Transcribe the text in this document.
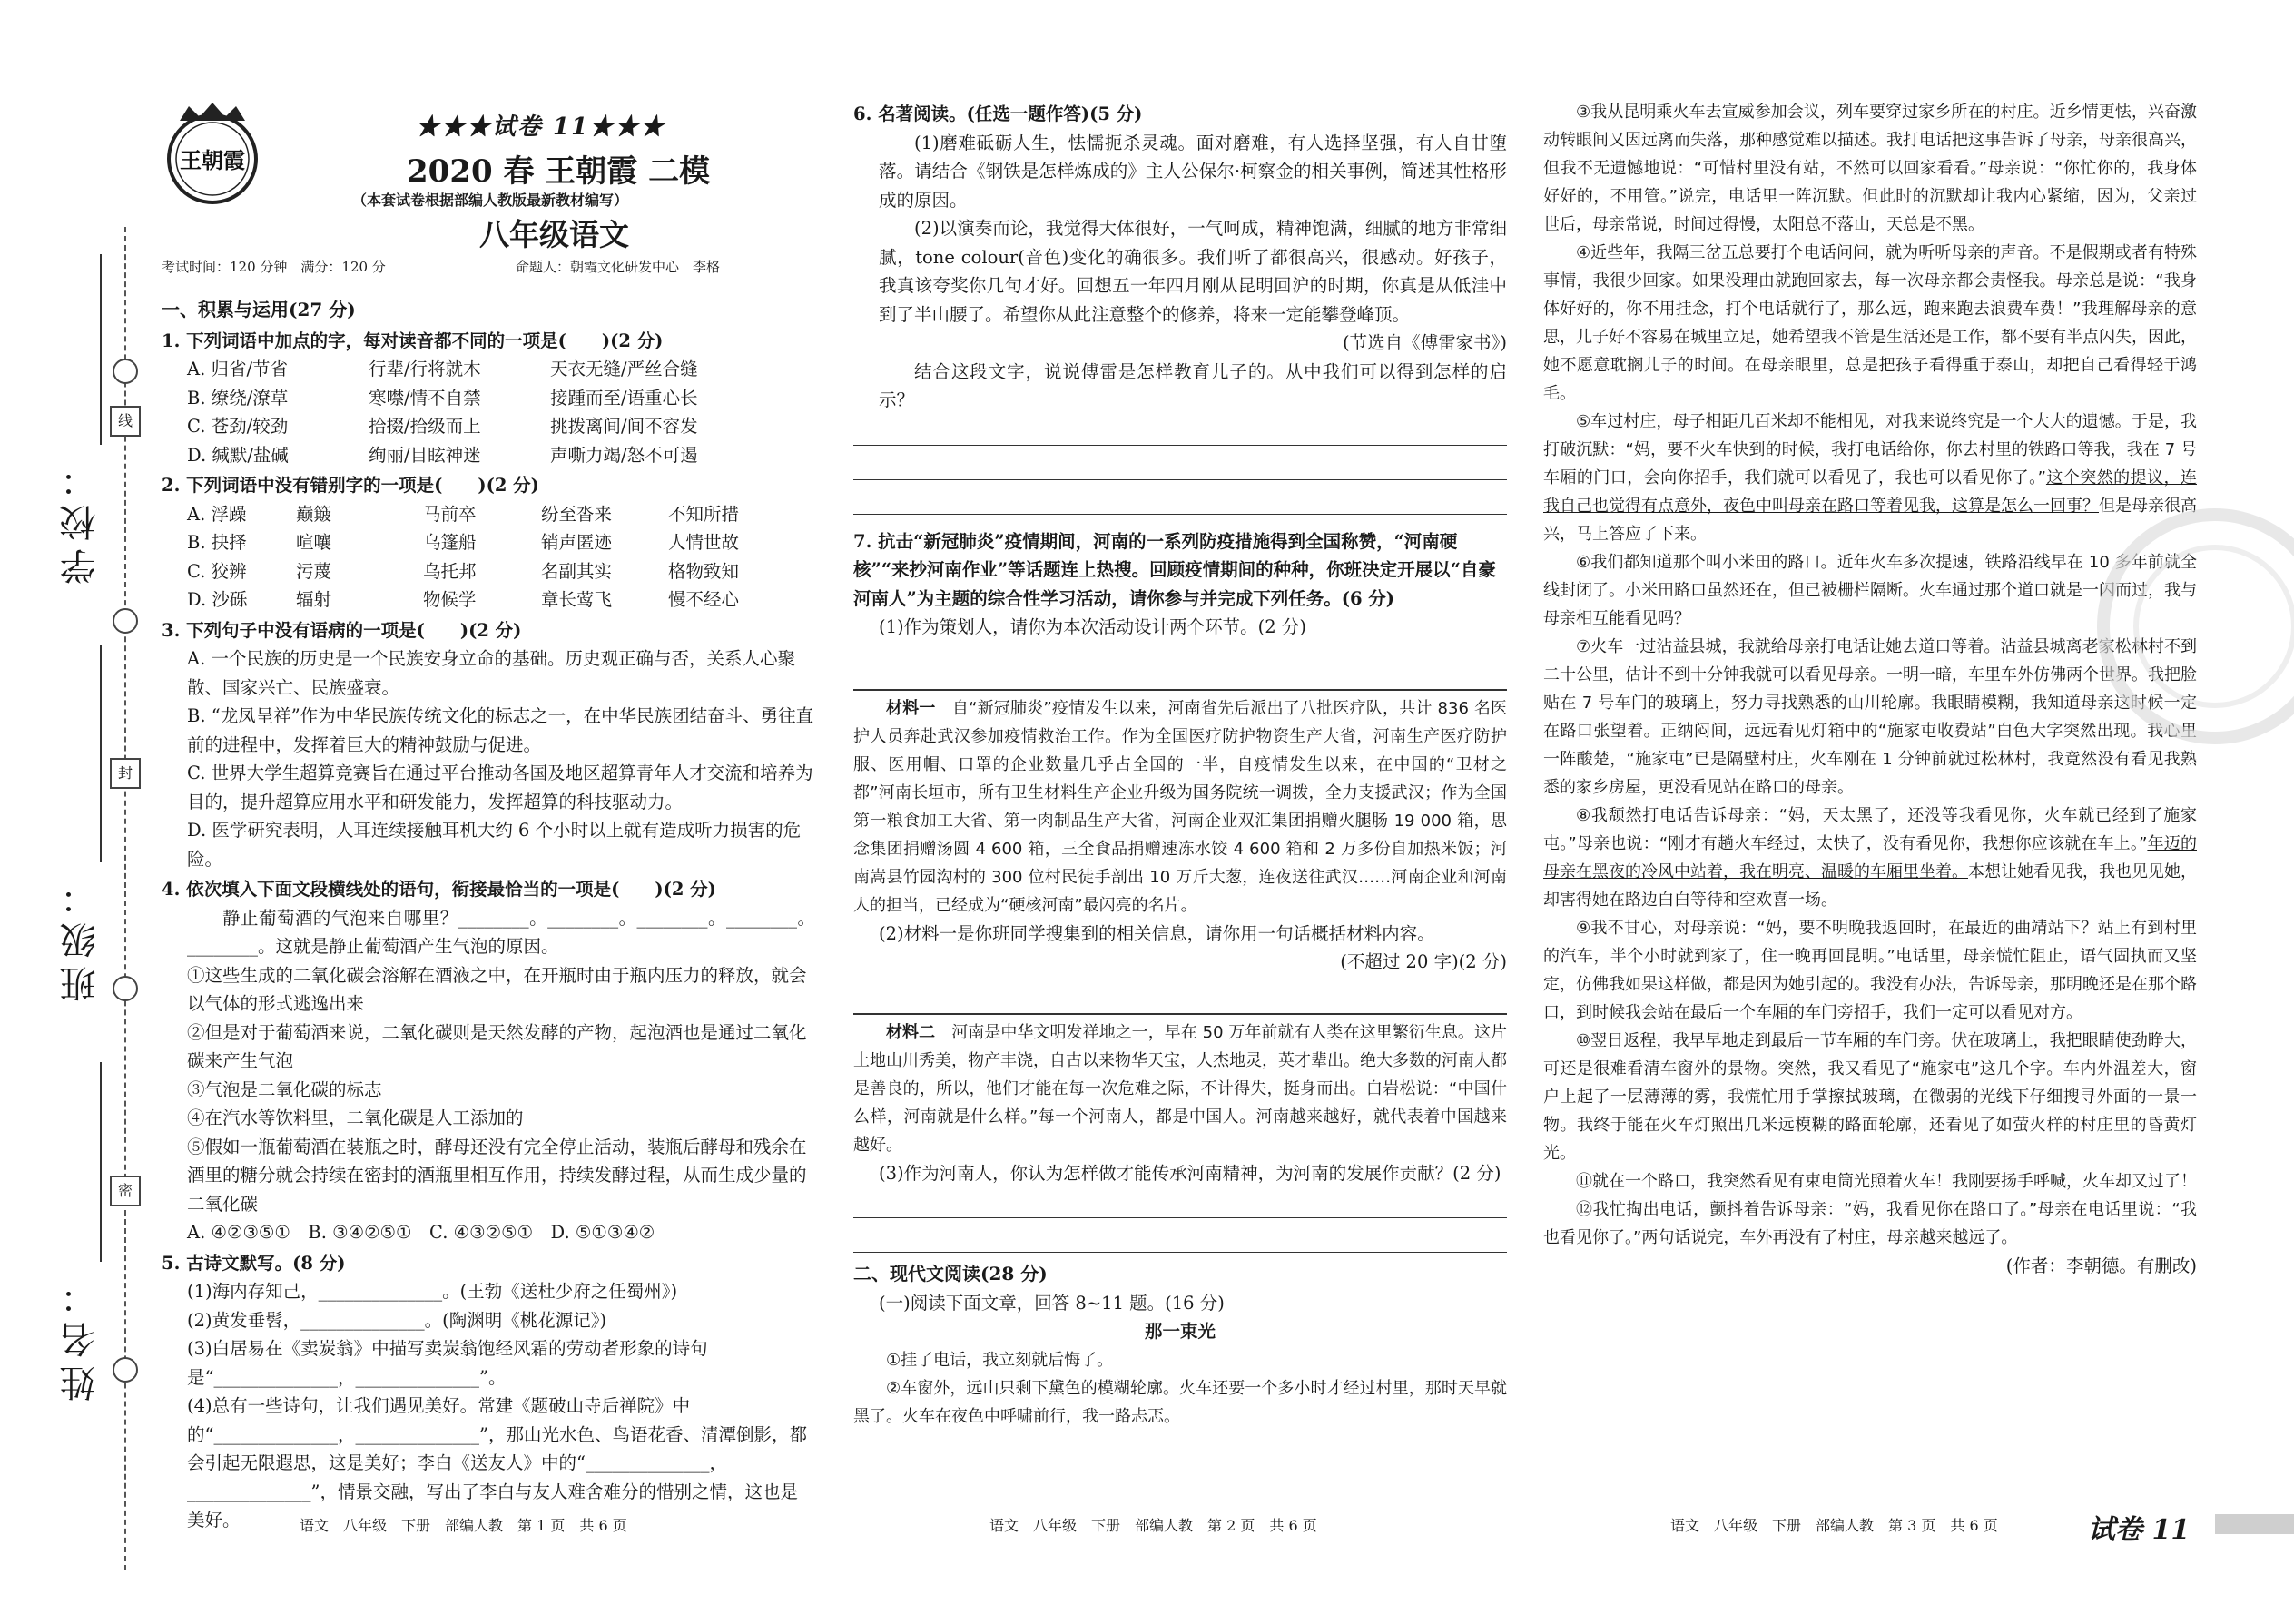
线
封
密
学校：
班级：
姓名：
王朝霞
★★★试卷 11★★★
2020 春 王朝霞 二模
（本套试卷根据部编人教版最新教材编写）
八年级语文
考试时间：120 分钟　满分：120 分	命题人：朝霞文化研发中心　李格
一、积累与运用(27 分)
1. 下列词语中加点的字，每对读音都不同的一项是(　　)(2 分)
A. 归省/节省	行辈/行将就木	天衣无缝/严丝合缝
B. 缭绕/潦草	寒噤/情不自禁	接踵而至/语重心长
C. 苍劲/较劲	拾掇/拾级而上	挑拨离间/间不容发
D. 缄默/盐碱	绚丽/目眩神迷	声嘶力竭/怒不可遏
2. 下列词语中没有错别字的一项是(　　)(2 分)
A. 浮躁	巅簸	马前卒	纷至沓来	不知所措
B. 抉择	喧嚷	乌篷船	销声匿迹	人情世故
C. 狡辨	污蔑	乌托邦	名副其实	格物致知
D. 沙砾	辐射	物候学	章长莺飞	慢不经心
3. 下列句子中没有语病的一项是(　　)(2 分)
A. 一个民族的历史是一个民族安身立命的基础。历史观正确与否，关系人心聚散、国家兴亡、民族盛衰。
B. “龙凤呈祥”作为中华民族传统文化的标志之一，在中华民族团结奋斗、勇往直前的进程中，发挥着巨大的精神鼓励与促进。
C. 世界大学生超算竞赛旨在通过平台推动各国及地区超算青年人才交流和培养为目的，提升超算应用水平和研发能力，发挥超算的科技驱动力。
D. 医学研究表明，人耳连续接触耳机大约 6 个小时以上就有造成听力损害的危险。
4. 依次填入下面文段横线处的语句，衔接最恰当的一项是(　　)(2 分)
静止葡萄酒的气泡来自哪里？________。________。________。________。________。这就是静止葡萄酒产生气泡的原因。
①这些生成的二氧化碳会溶解在酒液之中，在开瓶时由于瓶内压力的释放，就会以气体的形式逃逸出来
②但是对于葡萄酒来说，二氧化碳则是天然发酵的产物，起泡酒也是通过二氧化碳来产生气泡
③气泡是二氧化碳的标志
④在汽水等饮料里，二氧化碳是人工添加的
⑤假如一瓶葡萄酒在装瓶之时，酵母还没有完全停止活动，装瓶后酵母和残余在酒里的糖分就会持续在密封的酒瓶里相互作用，持续发酵过程，从而生成少量的二氧化碳
A. ④②③⑤①　B. ③④②⑤①　C. ④③②⑤①　D. ⑤①③④②
5. 古诗文默写。(8 分)
(1)海内存知己，______________。(王勃《送杜少府之任蜀州》)
(2)黄发垂髫，______________。(陶渊明《桃花源记》)
(3)白居易在《卖炭翁》中描写卖炭翁饱经风霜的劳动者形象的诗句是“______________，______________”。
(4)总有一些诗句，让我们遇见美好。常建《题破山寺后禅院》中的“______________，______________”，那山光水色、鸟语花香、清潭倒影，都会引起无限遐思，这是美好；李白《送友人》中的“______________，______________”，情景交融，写出了李白与友人难舍难分的惜别之情，这也是美好。
6. 名著阅读。(任选一题作答)(5 分)
(1)磨难砥砺人生，怯懦扼杀灵魂。面对磨难，有人选择坚强，有人自甘堕落。请结合《钢铁是怎样炼成的》主人公保尔·柯察金的相关事例，简述其性格形成的原因。
(2)以演奏而论，我觉得大体很好，一气呵成，精神饱满，细腻的地方非常细腻，tone colour(音色)变化的确很多。我们听了都很高兴，很感动。好孩子，我真该夸奖你几句才好。回想五一年四月刚从昆明回沪的时期，你真是从低洼中到了半山腰了。希望你从此注意整个的修养，将来一定能攀登峰顶。
(节选自《傅雷家书》)
结合这段文字，说说傅雷是怎样教育儿子的。从中我们可以得到怎样的启示？
7. 抗击“新冠肺炎”疫情期间，河南的一系列防疫措施得到全国称赞，“河南硬核”“来抄河南作业”等话题连上热搜。回顾疫情期间的种种，你班决定开展以“自豪河南人”为主题的综合性学习活动，请你参与并完成下列任务。(6 分)
(1)作为策划人，请你为本次活动设计两个环节。(2 分)
材料一　 自“新冠肺炎”疫情发生以来，河南省先后派出了八批医疗队，共计 836 名医护人员奔赴武汉参加疫情救治工作。作为全国医疗防护物资生产大省，河南生产医疗防护服、医用帽、口罩的企业数量几乎占全国的一半，自疫情发生以来，在中国的“卫材之都”河南长垣市，所有卫生材料生产企业升级为国务院统一调拨，全力支援武汉；作为全国第一粮食加工大省、第一肉制品生产大省，河南企业双汇集团捐赠火腿肠 19 000 箱，思念集团捐赠汤圆 4 600 箱，三全食品捐赠速冻水饺 4 600 箱和 2 万多份自加热米饭；河南嵩县竹园沟村的 300 位村民徒手剖出 10 万斤大葱，连夜送往武汉……河南企业和河南人的担当，已经成为“硬核河南”最闪亮的名片。
(2)材料一是你班同学搜集到的相关信息，请你用一句话概括材料内容。
(不超过 20 字)(2 分)
材料二　 河南是中华文明发祥地之一，早在 50 万年前就有人类在这里繁衍生息。这片土地山川秀美，物产丰饶，自古以来物华天宝，人杰地灵，英才辈出。绝大多数的河南人都是善良的，所以，他们才能在每一次危难之际，不计得失，挺身而出。白岩松说：“中国什么样，河南就是什么样。”每一个河南人，都是中国人。河南越来越好，就代表着中国越来越好。
(3)作为河南人，你认为怎样做才能传承河南精神，为河南的发展作贡献？(2 分)
二、现代文阅读(28 分)
(一)阅读下面文章，回答 8~11 题。(16 分)
那一束光
①挂了电话，我立刻就后悔了。
②车窗外，远山只剩下黛色的模糊轮廓。火车还要一个多小时才经过村里，那时天早就黑了。火车在夜色中呼啸前行，我一路忐忑。
③我从昆明乘火车去宣威参加会议，列车要穿过家乡所在的村庄。近乡情更怯，兴奋激动转眼间又因远离而失落，那种感觉难以描述。我打电话把这事告诉了母亲，母亲很高兴，但我不无遗憾地说：“可惜村里没有站，不然可以回家看看。”母亲说：“你忙你的，我身体好好的，不用管。”说完，电话里一阵沉默。但此时的沉默却让我内心紧缩，因为，父亲过世后，母亲常说，时间过得慢，太阳总不落山，天总是不黑。
④近些年，我隔三岔五总要打个电话问问，就为听听母亲的声音。不是假期或者有特殊事情，我很少回家。如果没理由就跑回家去，每一次母亲都会责怪我。母亲总是说：“我身体好好的，你不用挂念，打个电话就行了，那么远，跑来跑去浪费车费！”我理解母亲的意思，儿子好不容易在城里立足，她希望我不管是生活还是工作，都不要有半点闪失，因此，她不愿意耽搁儿子的时间。在母亲眼里，总是把孩子看得重于泰山，却把自己看得轻于鸿毛。
⑤车过村庄，母子相距几百米却不能相见，对我来说终究是一个大大的遗憾。于是，我打破沉默：“妈，要不火车快到的时候，我打电话给你，你去村里的铁路口等我，我在 7 号车厢的门口，会向你招手，我们就可以看见了，我也可以看见你了。”这个突然的提议，连我自己也觉得有点意外，夜色中叫母亲在路口等着见我，这算是怎么一回事？但是母亲很高兴，马上答应了下来。
⑥我们都知道那个叫小米田的路口。近年火车多次提速，铁路沿线早在 10 多年前就全线封闭了。小米田路口虽然还在，但已被栅栏隔断。火车通过那个道口就是一闪而过，我与母亲相互能看见吗？
⑦火车一过沾益县城，我就给母亲打电话让她去道口等着。沾益县城离老家松林村不到二十公里，估计不到十分钟我就可以看见母亲。一明一暗，车里车外仿佛两个世界。我把脸贴在 7 号车门的玻璃上，努力寻找熟悉的山川轮廓。我眼睛模糊，我知道母亲这时候一定在路口张望着。正纳闷间，远远看见灯箱中的“施家屯收费站”白色大字突然出现。我心里一阵酸楚，“施家屯”已是隔壁村庄，火车刚在 1 分钟前就过松林村，我竟然没有看见我熟悉的家乡房屋，更没看见站在路口的母亲。
⑧我颓然打电话告诉母亲：“妈，天太黑了，还没等我看见你，火车就已经到了施家屯。”母亲也说：“刚才有趟火车经过，太快了，没有看见你，我想你应该就在车上。”年迈的母亲在黑夜的冷风中站着，我在明亮、温暖的车厢里坐着。本想让她看见我，我也见见她，却害得她在路边白白等待和空欢喜一场。
⑨我不甘心，对母亲说：“妈，要不明晚我返回时，在最近的曲靖站下？站上有到村里的汽车，半个小时就到家了，住一晚再回昆明。”电话里，母亲慌忙阻止，语气固执而又坚定，仿佛我如果这样做，都是因为她引起的。我没有办法，告诉母亲，那明晚还是在那个路口，到时候我会站在最后一个车厢的车门旁招手，我们一定可以看见对方。
⑩翌日返程，我早早地走到最后一节车厢的车门旁。伏在玻璃上，我把眼睛使劲睁大，可还是很难看清车窗外的景物。突然，我又看见了“施家屯”这几个字。车内外温差大，窗户上起了一层薄薄的雾，我慌忙用手掌擦拭玻璃，在微弱的光线下仔细搜寻外面的一景一物。我终于能在火车灯照出几米远模糊的路面轮廓，还看见了如萤火样的村庄里的昏黄灯光。
⑪就在一个路口，我突然看见有束电筒光照着火车！我刚要扬手呼喊，火车却又过了！
⑫我忙掏出电话，颤抖着告诉母亲：“妈，我看见你在路口了。”母亲在电话里说：“我也看见你了。”两句话说完，车外再没有了村庄，母亲越来越远了。
(作者：李朝德。有删改)
语文　八年级　下册　部编人教　第 1 页　共 6 页	语文　八年级　下册　部编人教　第 2 页　共 6 页	语文　八年级　下册　部编人教　第 3 页　共 6 页	试卷 11
